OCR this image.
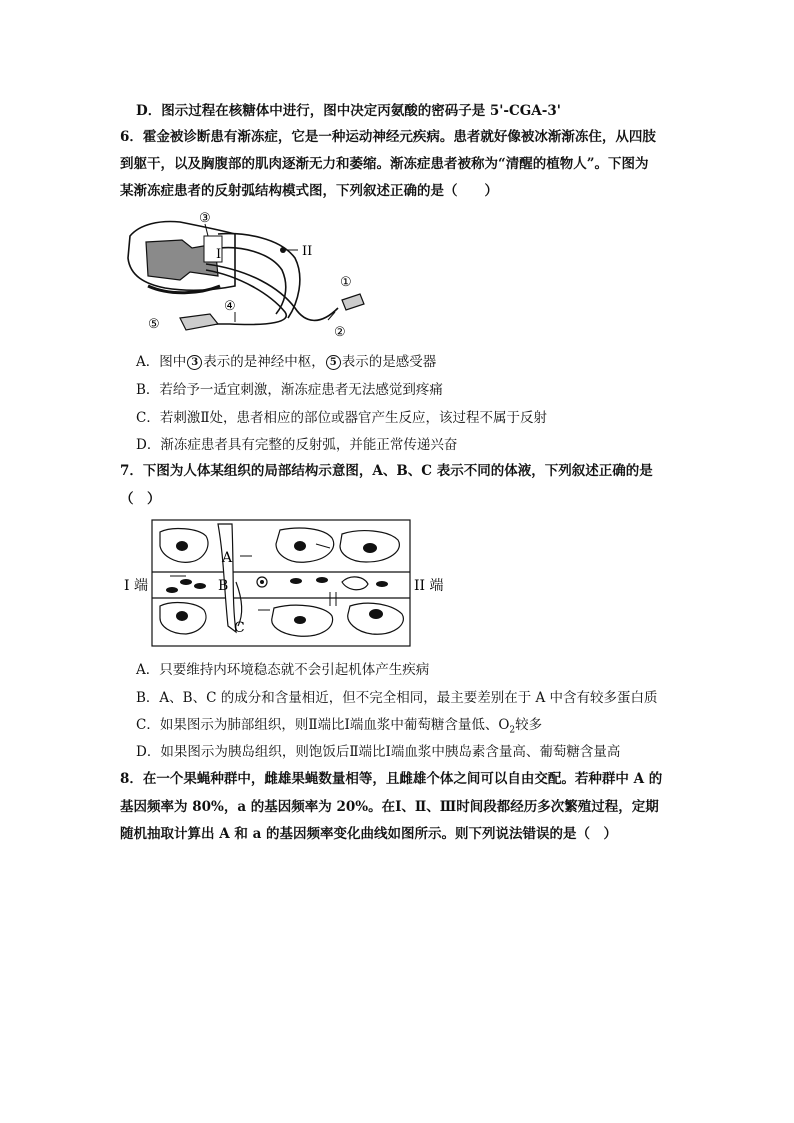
D．图示过程在核糖体中进行，图中决定丙氨酸的密码子是 5'-CGA-3'
6．霍金被诊断患有渐冻症，它是一种运动神经元疾病。患者就好像被冰渐渐冻住，从四肢
到躯干，以及胸腹部的肌肉逐渐无力和萎缩。渐冻症患者被称为“清醒的植物人”。下图为
某渐冻症患者的反射弧结构模式图，下列叙述正确的是（　　）
③
I	II
①
②
④
⑤
A．图中 3 表示的是神经中枢， 5 表示的是感受器
B．若给予一适宜刺激，渐冻症患者无法感觉到疼痛
C．若刺激Ⅱ处，患者相应的部位或器官产生反应，该过程不属于反射
D．渐冻症患者具有完整的反射弧，并能正常传递兴奋
7．下图为人体某组织的局部结构示意图，A、B、C 表示不同的体液，下列叙述正确的是
（　）
A
B
C
I 端	II 端
A．只要维持内环境稳态就不会引起机体产生疾病
B．A、B、C 的成分和含量相近，但不完全相同，最主要差别在于 A 中含有较多蛋白质
C．如果图示为肺部组织，则Ⅱ端比Ⅰ端血浆中葡萄糖含量低、$O_2$较多
D．如果图示为胰岛组织，则饱饭后Ⅱ端比Ⅰ端血浆中胰岛素含量高、葡萄糖含量高
8．在一个果蝇种群中，雌雄果蝇数量相等，且雌雄个体之间可以自由交配。若种群中 A 的
基因频率为 80%，a 的基因频率为 20%。在Ⅰ、Ⅱ、Ⅲ时间段都经历多次繁殖过程，定期
随机抽取计算出 A 和 a 的基因频率变化曲线如图所示。则下列说法错误的是（　）
